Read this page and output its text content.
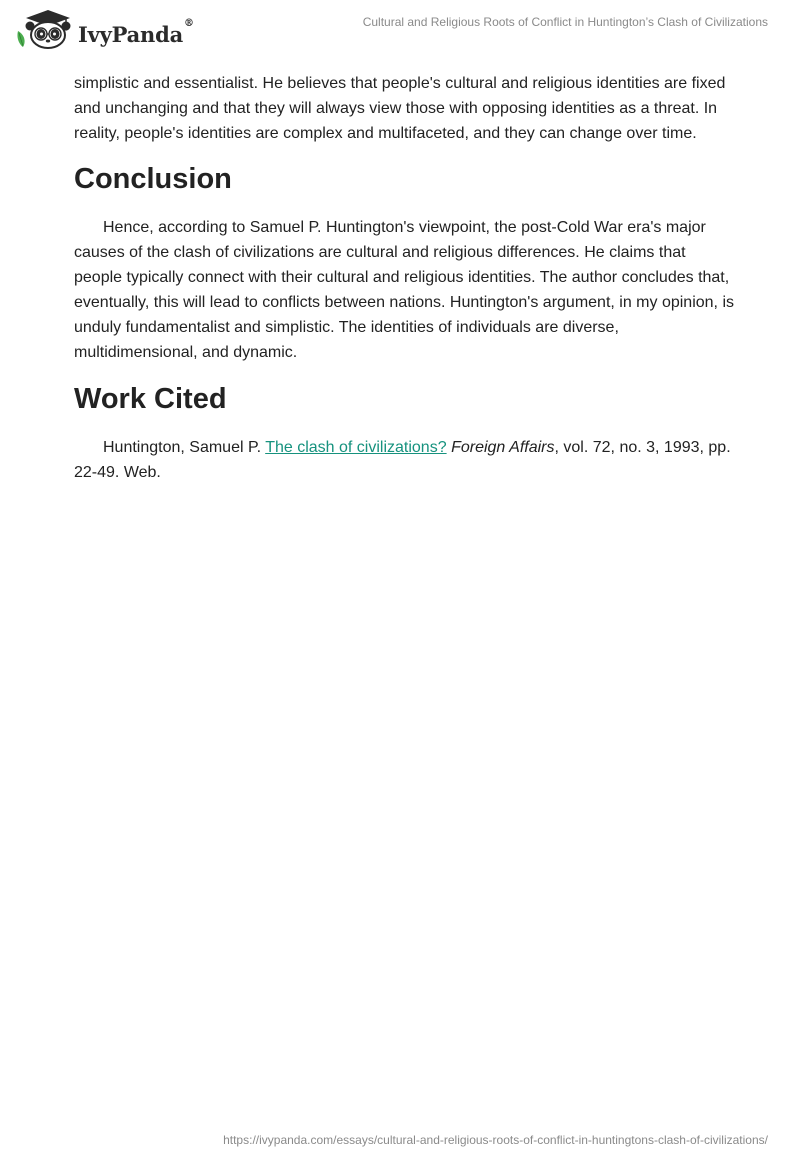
IvyPanda®	Cultural and Religious Roots of Conflict in Huntington’s Clash of Civilizations

simplistic and essentialist. He believes that people's cultural and religious identities are fixed and unchanging and that they will always view those with opposing identities as a threat. In reality, people's identities are complex and multifaceted, and they can change over time.

Conclusion

Hence, according to Samuel P. Huntington's viewpoint, the post-Cold War era's major causes of the clash of civilizations are cultural and religious differences. He claims that people typically connect with their cultural and religious identities. The author concludes that, eventually, this will lead to conflicts between nations. Huntington's argument, in my opinion, is unduly fundamentalist and simplistic. The identities of individuals are diverse, multidimensional, and dynamic.

Work Cited

Huntington, Samuel P. The clash of civilizations? Foreign Affairs, vol. 72, no. 3, 1993, pp. 22-49. Web.

https://ivypanda.com/essays/cultural-and-religious-roots-of-conflict-in-huntingtons-clash-of-civilizations/
